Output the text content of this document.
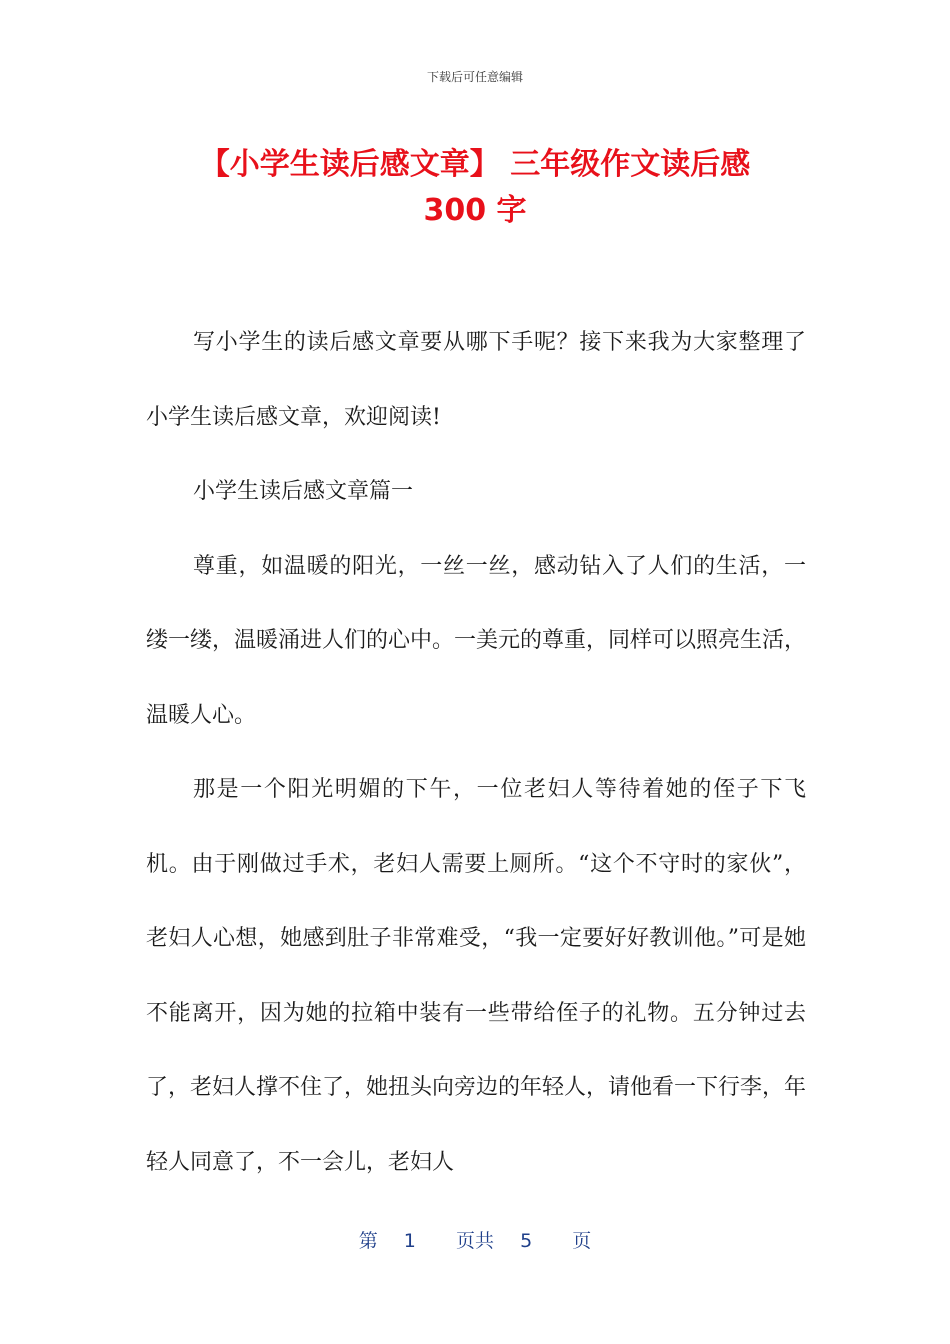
下载后可任意编辑
【小学生读后感文章】 三年级作文读后感
300 字

写小学生的读后感文章要从哪下手呢？接下来我为大家整理了小学生读后感文章，欢迎阅读!

小学生读后感文章篇一

尊重，如温暖的阳光，一丝一丝，感动钻入了人们的生活，一缕一缕，温暖涌进人们的心中。一美元的尊重，同样可以照亮生活，温暖人心。

那是一个阳光明媚的下午，一位老妇人等待着她的侄子下飞机。由于刚做过手术，老妇人需要上厕所。“这个不守时的家伙”，老妇人心想，她感到肚子非常难受，“我一定要好好教训他。”可是她不能离开，因为她的拉箱中装有一些带给侄子的礼物。五分钟过去了，老妇人撑不住了，她扭头向旁边的年轻人，请他看一下行李，年轻人同意了，不一会儿，老妇人

第 1 页共 5 页
